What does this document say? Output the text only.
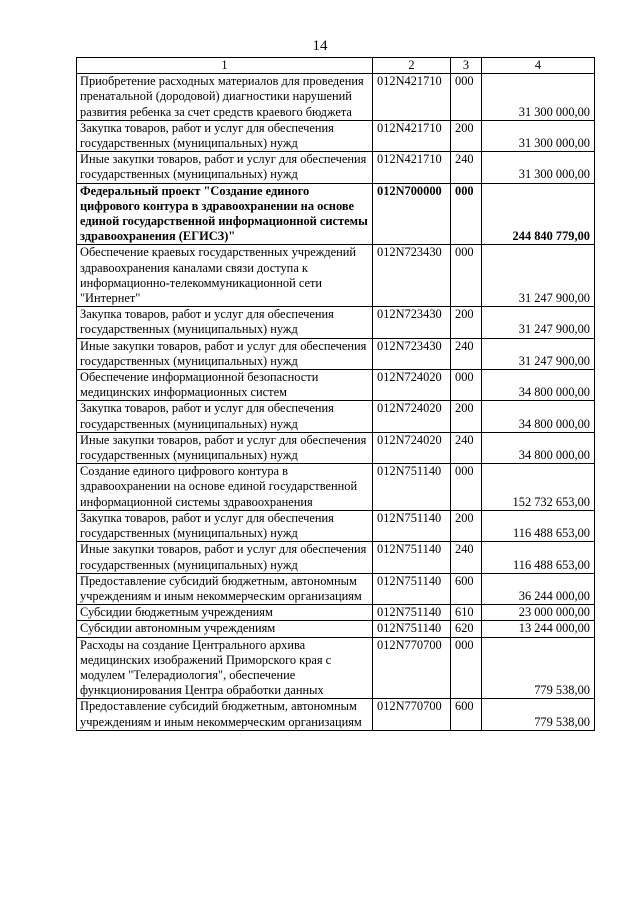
14
1	2	3	4
Приобретение расходных материалов для проведения пренатальной (дородовой) диагностики нарушений развития ребенка за счет средств краевого бюджета	012N421710	000	31 300 000,00
Закупка товаров, работ и услуг для обеспечения государственных (муниципальных) нужд	012N421710	200	31 300 000,00
Иные закупки товаров, работ и услуг для обеспечения государственных (муниципальных) нужд	012N421710	240	31 300 000,00
Федеральный проект "Создание единого цифрового контура в здравоохранении на основе единой государственной информационной системы здравоохранения (ЕГИСЗ)"	012N700000	000	244 840 779,00
Обеспечение краевых государственных учреждений здравоохранения каналами связи доступа к информационно-телекоммуникационной сети "Интернет"	012N723430	000	31 247 900,00
Закупка товаров, работ и услуг для обеспечения государственных (муниципальных) нужд	012N723430	200	31 247 900,00
Иные закупки товаров, работ и услуг для обеспечения государственных (муниципальных) нужд	012N723430	240	31 247 900,00
Обеспечение информационной безопасности медицинских информационных систем	012N724020	000	34 800 000,00
Закупка товаров, работ и услуг для обеспечения государственных (муниципальных) нужд	012N724020	200	34 800 000,00
Иные закупки товаров, работ и услуг для обеспечения государственных (муниципальных) нужд	012N724020	240	34 800 000,00
Создание единого цифрового контура в здравоохранении на основе единой государственной информационной системы здравоохранения	012N751140	000	152 732 653,00
Закупка товаров, работ и услуг для обеспечения государственных (муниципальных) нужд	012N751140	200	116 488 653,00
Иные закупки товаров, работ и услуг для обеспечения государственных (муниципальных) нужд	012N751140	240	116 488 653,00
Предоставление субсидий бюджетным, автономным учреждениям и иным некоммерческим организациям	012N751140	600	36 244 000,00
Субсидии бюджетным учреждениям	012N751140	610	23 000 000,00
Субсидии автономным учреждениям	012N751140	620	13 244 000,00
Расходы на создание Центрального архива медицинских изображений Приморского края с модулем "Телерадиология", обеспечение функционирования Центра обработки данных	012N770700	000	779 538,00
Предоставление субсидий бюджетным, автономным учреждениям и иным некоммерческим организациям	012N770700	600	779 538,00
